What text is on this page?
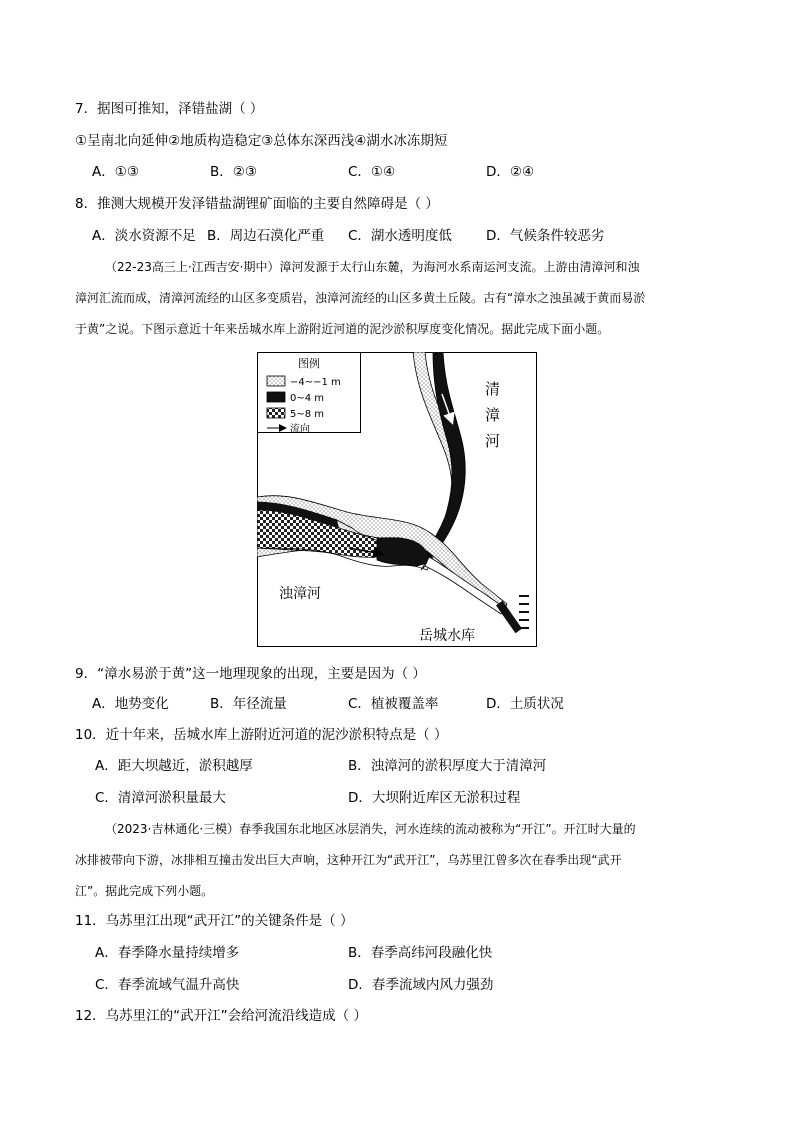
7．据图可推知，泽错盐湖（ ）
①呈南北向延伸②地质构造稳定③总体东深西浅④湖水冰冻期短
A．①③	B．②③	C．①④	D．②④
8．推测大规模开发泽错盐湖锂矿面临的主要自然障碍是（ ）
A．淡水资源不足 B．周边石漠化严重 C．湖水透明度低	D．气候条件较恶劣
（22-23高三上·江西吉安·期中）漳河发源于太行山东麓，为海河水系南运河支流。上游由清漳河和浊
漳河汇流而成，清漳河流经的山区多变质岩，浊漳河流经的山区多黄土丘陵。古有“漳水之浊虽减于黄而易淤
于黄”之说。下图示意近十年来岳城水库上游附近河道的泥沙淤积厚度变化情况。据此完成下面小题。
图例
−4~−1 m
0~4 m
5~8 m
流向
清
漳
河
浊漳河
岳城水库
9．“漳水易淤于黄”这一地理现象的出现，主要是因为（ ）
A．地势变化	B．年径流量	C．植被覆盖率	D．土质状况
10．近十年来，岳城水库上游附近河道的泥沙淤积特点是（ ）
A．距大坝越近，淤积越厚	B．浊漳河的淤积厚度大于清漳河
C．清漳河淤积量最大	D．大坝附近库区无淤积过程
（2023·吉林通化·三模）春季我国东北地区冰层消失，河水连续的流动被称为“开江”。开江时大量的
冰排被带向下游，冰排相互撞击发出巨大声响，这种开江为“武开江”，乌苏里江曾多次在春季出现“武开
江”。据此完成下列小题。
11．乌苏里江出现“武开江”的关键条件是（ ）
A．春季降水量持续增多	B．春季高纬河段融化快
C．春季流域气温升高快	D．春季流域内风力强劲
12．乌苏里江的“武开江”会给河流沿线造成（ ）
